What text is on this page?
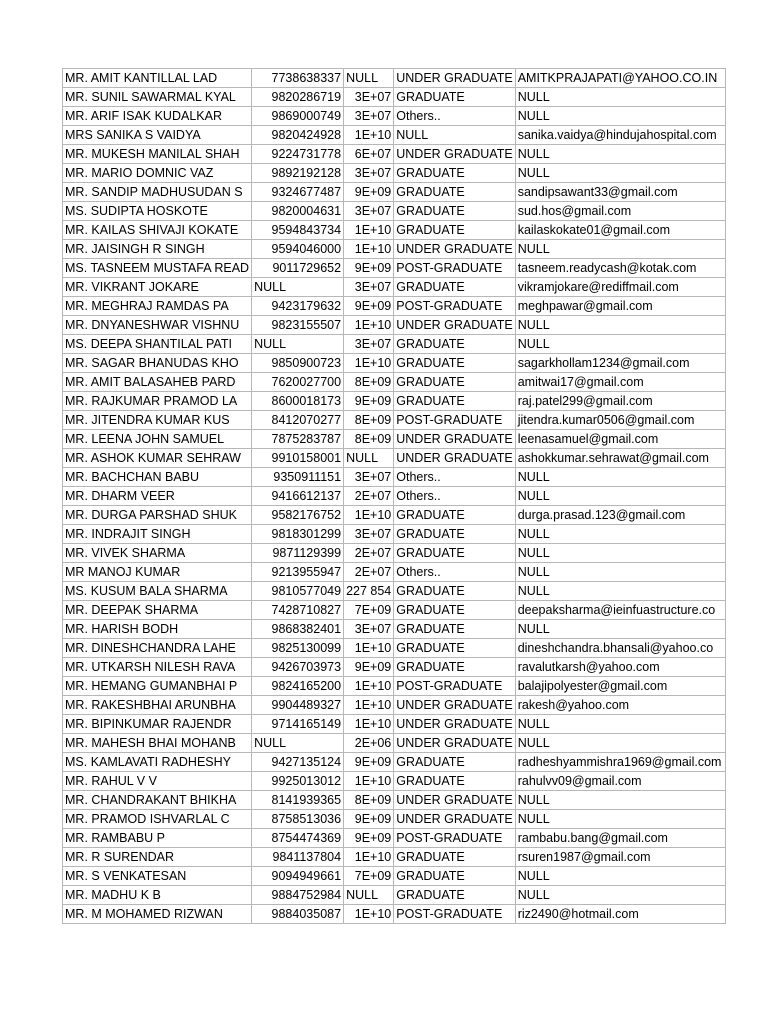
MR. AMIT KANTILLAL LAD	7738638337	NULL	UNDER GRADUATE	AMITKPRAJAPATI@YAHOO.CO.IN
MR. SUNIL SAWARMAL KYAL	9820286719	3E+07	GRADUATE	NULL
MR. ARIF ISAK KUDALKAR	9869000749	3E+07	Others..	NULL
MRS SANIKA S VAIDYA	9820424928	1E+10	NULL	sanika.vaidya@hindujahospital.com
MR. MUKESH MANILAL SHAH	9224731778	6E+07	UNDER GRADUATE	NULL
MR. MARIO DOMNIC VAZ	9892192128	3E+07	GRADUATE	NULL
MR. SANDIP MADHUSUDAN S	9324677487	9E+09	GRADUATE	sandipsawant33@gmail.com
MS. SUDIPTA HOSKOTE	9820004631	3E+07	GRADUATE	sud.hos@gmail.com
MR. KAILAS SHIVAJI KOKATE	9594843734	1E+10	GRADUATE	kailaskokate01@gmail.com
MR. JAISINGH R SINGH	9594046000	1E+10	UNDER GRADUATE	NULL
MS. TASNEEM MUSTAFA READ	9011729652	9E+09	POST-GRADUATE	tasneem.readycash@kotak.com
MR. VIKRANT JOKARE	NULL	3E+07	GRADUATE	vikramjokare@rediffmail.com
MR. MEGHRAJ RAMDAS PA	9423179632	9E+09	POST-GRADUATE	meghpawar@gmail.com
MR. DNYANESHWAR VISHNU	9823155507	1E+10	UNDER GRADUATE	NULL
MS. DEEPA SHANTILAL PATI	NULL	3E+07	GRADUATE	NULL
MR. SAGAR BHANUDAS KHO	9850900723	1E+10	GRADUATE	sagarkhollam1234@gmail.com
MR. AMIT BALASAHEB PARD	7620027700	8E+09	GRADUATE	amitwai17@gmail.com
MR. RAJKUMAR PRAMOD LA	8600018173	9E+09	GRADUATE	raj.patel299@gmail.com
MR. JITENDRA KUMAR KUS	8412070277	8E+09	POST-GRADUATE	jitendra.kumar0506@gmail.com
MR. LEENA JOHN SAMUEL	7875283787	8E+09	UNDER GRADUATE	leenasamuel@gmail.com
MR. ASHOK KUMAR SEHRAW	9910158001	NULL	UNDER GRADUATE	ashokkumar.sehrawat@gmail.com
MR. BACHCHAN BABU	9350911151	3E+07	Others..	NULL
MR. DHARM VEER	9416612137	2E+07	Others..	NULL
MR. DURGA PARSHAD SHUK	9582176752	1E+10	GRADUATE	durga.prasad.123@gmail.com
MR. INDRAJIT SINGH	9818301299	3E+07	GRADUATE	NULL
MR. VIVEK SHARMA	9871129399	2E+07	GRADUATE	NULL
MR MANOJ KUMAR	9213955947	2E+07	Others..	NULL
MS. KUSUM BALA SHARMA	9810577049	227 854	GRADUATE	NULL
MR. DEEPAK SHARMA	7428710827	7E+09	GRADUATE	deepaksharma@ieinfuastructure.co
MR. HARISH BODH	9868382401	3E+07	GRADUATE	NULL
MR. DINESHCHANDRA LAHE	9825130099	1E+10	GRADUATE	dineshchandra.bhansali@yahoo.co
MR. UTKARSH NILESH RAVA	9426703973	9E+09	GRADUATE	ravalutkarsh@yahoo.com
MR. HEMANG GUMANBHAI P	9824165200	1E+10	POST-GRADUATE	balajipolyester@gmail.com
MR. RAKESHBHAI ARUNBHA	9904489327	1E+10	UNDER GRADUATE	rakesh@yahoo.com
MR. BIPINKUMAR RAJENDR	9714165149	1E+10	UNDER GRADUATE	NULL
MR. MAHESH BHAI MOHANB	NULL	2E+06	UNDER GRADUATE	NULL
MS. KAMLAVATI RADHESHY	9427135124	9E+09	GRADUATE	radheshyammishra1969@gmail.com
MR. RAHUL V V	9925013012	1E+10	GRADUATE	rahulvv09@gmail.com
MR. CHANDRAKANT BHIKHA	8141939365	8E+09	UNDER GRADUATE	NULL
MR. PRAMOD ISHVARLAL C	8758513036	9E+09	UNDER GRADUATE	NULL
MR. RAMBABU P	8754474369	9E+09	POST-GRADUATE	rambabu.bang@gmail.com
MR. R SURENDAR	9841137804	1E+10	GRADUATE	rsuren1987@gmail.com
MR. S VENKATESAN	9094949661	7E+09	GRADUATE	NULL
MR. MADHU K B	9884752984	NULL	GRADUATE	NULL
MR. M MOHAMED RIZWAN	9884035087	1E+10	POST-GRADUATE	riz2490@hotmail.com
